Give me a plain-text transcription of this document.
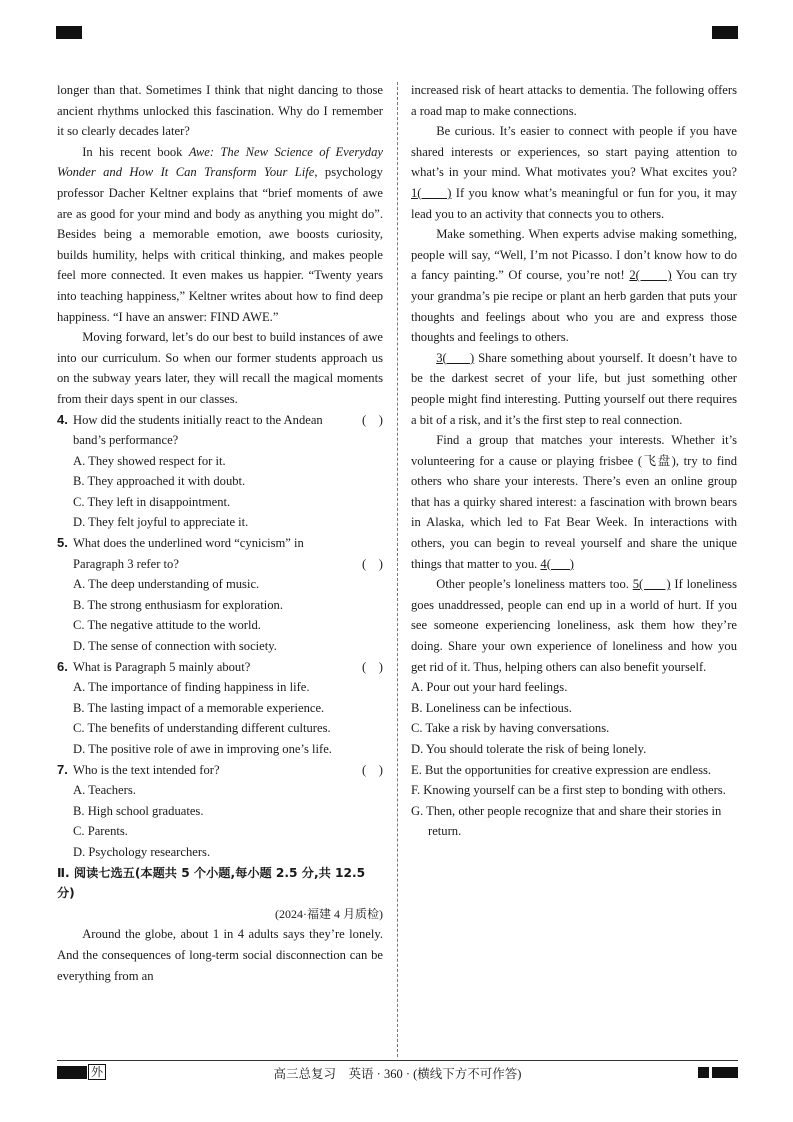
longer than that. Sometimes I think that night dancing to those ancient rhythms unlocked this fascination. Why do I remember it so clearly decades later?

In his recent book Awe: The New Science of Everyday Wonder and How It Can Transform Your Life, psychology professor Dacher Keltner explains that “brief moments of awe are as good for your mind and body as anything you might do”. Besides being a memorable emotion, awe boosts curiosity, builds humility, helps with critical thinking, and makes people feel more connected. It even makes us happier. “Twenty years into teaching happiness,” Keltner writes about how to find deep happiness. “I have an answer: FIND AWE.”

Moving forward, let’s do our best to build instances of awe into our curriculum. So when our former students approach us on the subway years later, they will recall the magical moments from their days spent in our classes.

4. How did the students initially react to the Andean band’s performance?
(    )

A. They showed respect for it.

B. They approached it with doubt.

C. They left in disappointment.

D. They felt joyful to appreciate it.

5. What does the underlined word “cynicism” in Paragraph 3 refer to?	(    )

A. The deep understanding of music.

B. The strong enthusiasm for exploration.

C. The negative attitude to the world.

D. The sense of connection with society.

6. What is Paragraph 5 mainly about?	(    )

A. The importance of finding happiness in life.

B. The lasting impact of a memorable experience.

C. The benefits of understanding different cultures.

D. The positive role of awe in improving one’s life.

7. Who is the text intended for?	(    )

A. Teachers.

B. High school graduates.

C. Parents.

D. Psychology researchers.

Ⅱ. 阅读七选五(本题共 5 个小题,每小题 2.5 分,共 12.5 分)

(2024·福建 4 月质检)

Around the globe, about 1 in 4 adults says they’re lonely. And the consequences of long-term social disconnection can be everything from an

increased risk of heart attacks to dementia. The following offers a road map to make connections.

Be curious. It’s easier to connect with people if you have shared interests or experiences, so start paying attention to what’s in your mind. What motivates you? What excites you? 1(      ) If you know what’s meaningful or fun for you, it may lead you to an activity that connects you to others.

Make something. When experts advise making something, people will say, “Well, I’m not Picasso. I don’t know how to do a fancy painting.” Of course, you’re not! 2(      ) You can try your grandma’s pie recipe or plant an herb garden that puts your thoughts and feelings about who you are and express those thoughts and feelings to others.

3(      ) Share something about yourself. It doesn’t have to be the darkest secret of your life, but just something other people might find interesting. Putting yourself out there requires a bit of a risk, and it’s the first step to real connection.

Find a group that matches your interests. Whether it’s volunteering for a cause or playing frisbee (飞盘), try to find others who share your interests. There’s even an online group that has a quirky shared interest: a fascination with brown bears in Alaska, which led to Fat Bear Week. In interactions with others, you can begin to reveal yourself and share the unique things that matter to you. 4(      )

Other people’s loneliness matters too. 5(      ) If loneliness goes unaddressed, people can end up in a world of hurt. If you see someone experiencing loneliness, ask them how they’re doing. Share your own experience of loneliness and how you get rid of it. Thus, helping others can also benefit yourself.

A. Pour out your hard feelings.

B. Loneliness can be infectious.

C. Take a risk by having conversations.

D. You should tolerate the risk of being lonely.

E. But the opportunities for creative expression are endless.

F. Knowing yourself can be a first step to bonding with others.

G. Then, other people recognize that and share their stories in return.

外	高三总复习　英语 · 360 · (横线下方不可作答)
